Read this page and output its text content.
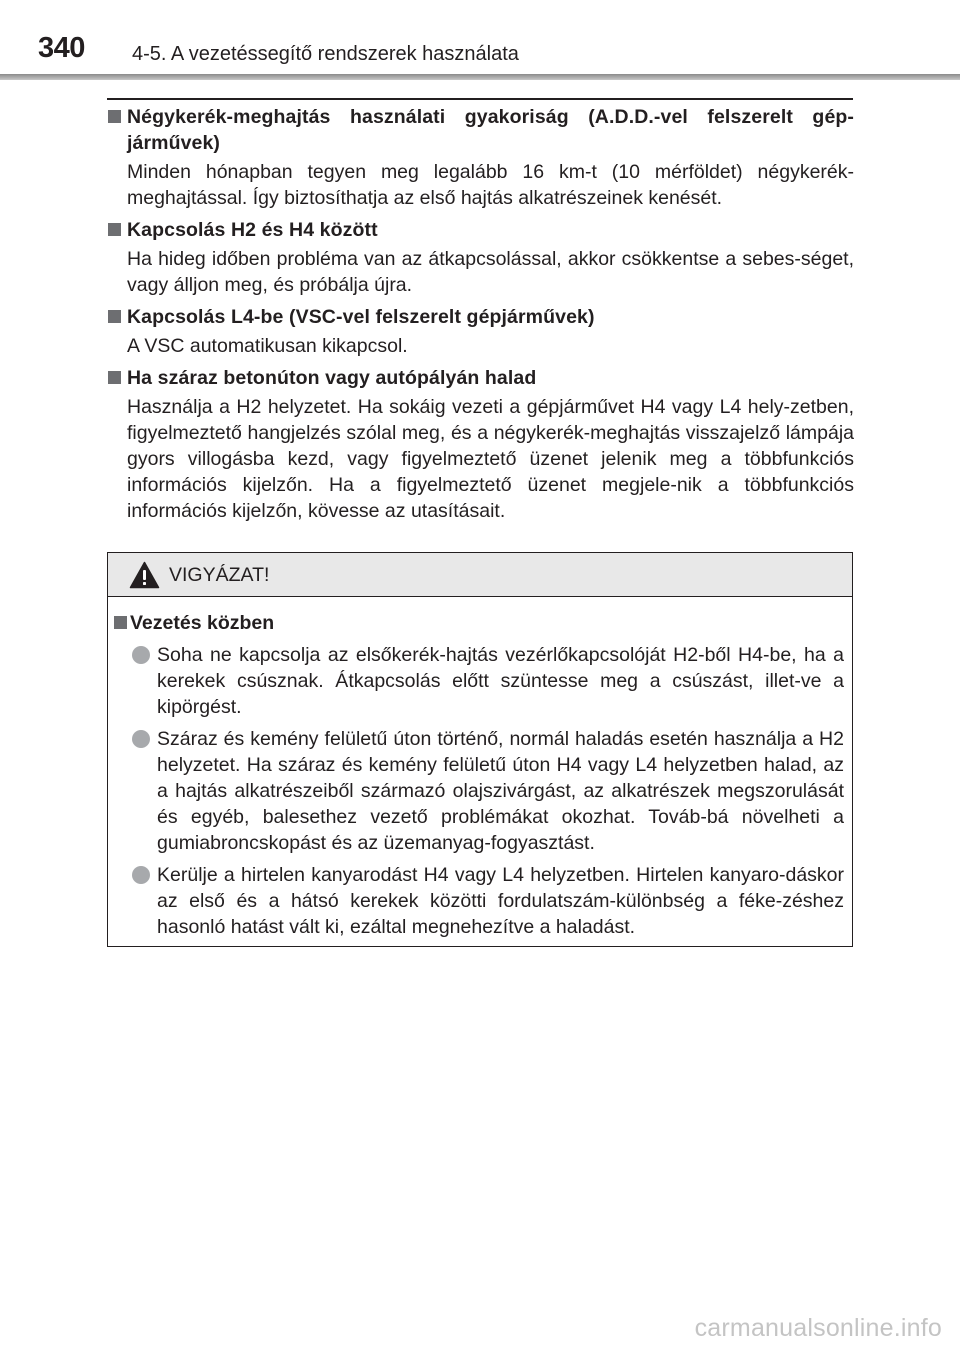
340 4-5. A vezetéssegítő rendszerek használata
Négykerék-meghajtás használati gyakoriság (A.D.D.-vel felszerelt gép-járművek)
Minden hónapban tegyen meg legalább 16 km-t (10 mérföldet) négykerék-meghajtással. Így biztosíthatja az első hajtás alkatrészeinek kenését.
Kapcsolás H2 és H4 között
Ha hideg időben probléma van az átkapcsolással, akkor csökkentse a sebes-séget, vagy álljon meg, és próbálja újra.
Kapcsolás L4-be (VSC-vel felszerelt gépjárművek)
A VSC automatikusan kikapcsol.
Ha száraz betonúton vagy autópályán halad
Használja a H2 helyzetet. Ha sokáig vezeti a gépjárművet H4 vagy L4 hely-zetben, figyelmeztető hangjelzés szólal meg, és a négykerék-meghajtás visszajelző lámpája gyors villogásba kezd, vagy figyelmeztető üzenet jelenik meg a többfunkciós információs kijelzőn. Ha a figyelmeztető üzenet megjele-nik a többfunkciós információs kijelzőn, kövesse az utasításait.
VIGYÁZAT!
Vezetés közben
Soha ne kapcsolja az elsőkerék-hajtás vezérlőkapcsolóját H2-ből H4-be, ha a kerekek csúsznak. Átkapcsolás előtt szüntesse meg a csúszást, illet-ve a kipörgést.
Száraz és kemény felületű úton történő, normál haladás esetén használja a H2 helyzetet. Ha száraz és kemény felületű úton H4 vagy L4 helyzetben halad, az a hajtás alkatrészeiből származó olajszivárgást, az alkatrészek megszorulását és egyéb, balesethez vezető problémákat okozhat. Továb-bá növelheti a gumiabroncskopást és az üzemanyag-fogyasztást.
Kerülje a hirtelen kanyarodást H4 vagy L4 helyzetben. Hirtelen kanyaro-dáskor az első és a hátsó kerekek közötti fordulatszám-különbség a féke-zéshez hasonló hatást vált ki, ezáltal megnehezítve a haladást.
carmanualsonline.info
